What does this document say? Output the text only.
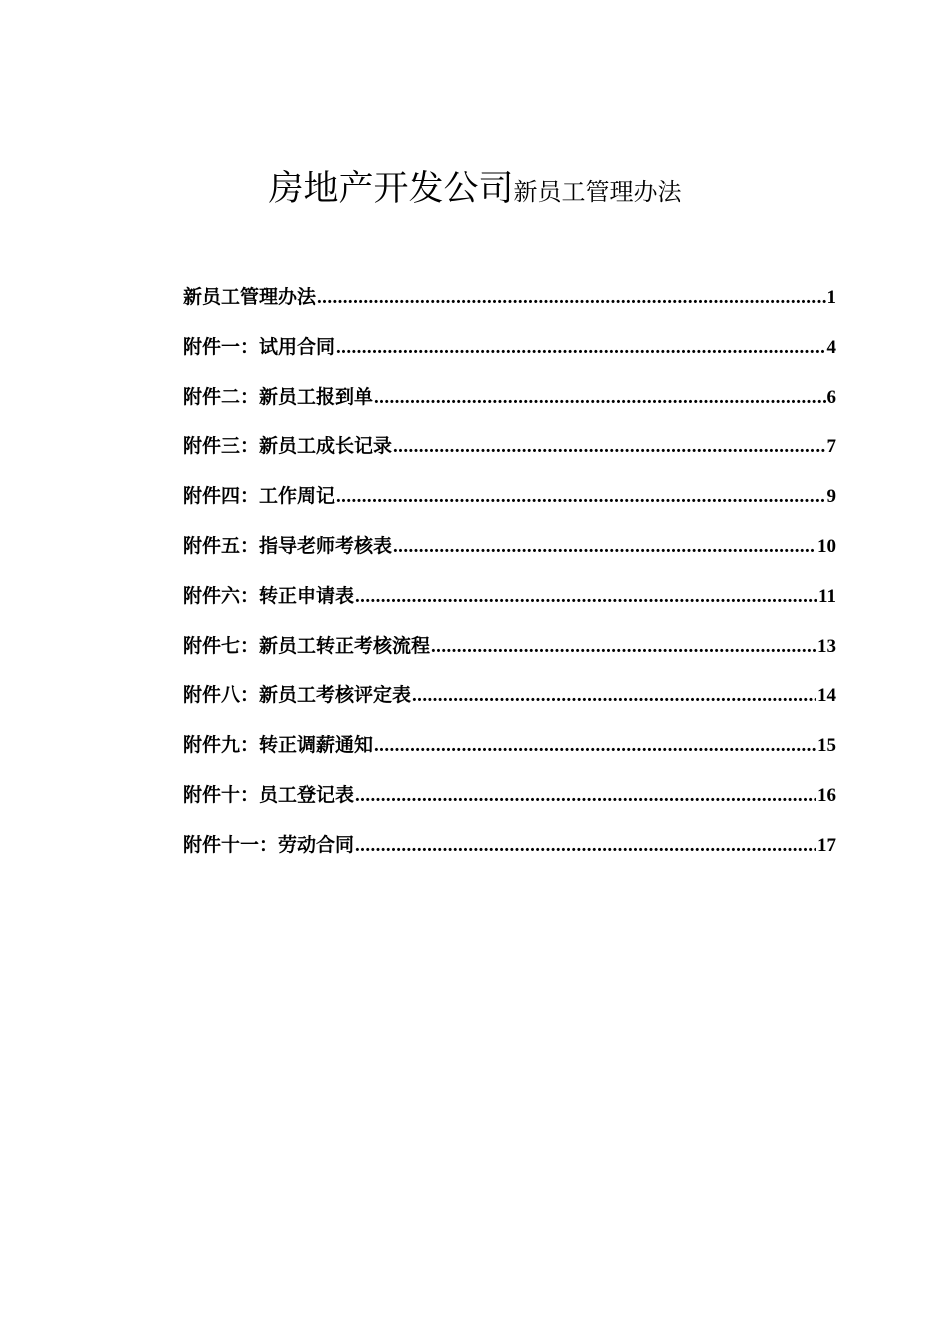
房地产开发公司新员工管理办法
新员工管理办法 .....	1
附件一：试用合同 .....	4
附件二：新员工报到单 .....	6
附件三：新员工成长记录 .....	7
附件四：工作周记 .....	9
附件五：指导老师考核表 .....	10
附件六：转正申请表 .....	11
附件七：新员工转正考核流程 .....	13
附件八：新员工考核评定表 .....	14
附件九：转正调薪通知 .....	15
附件十：员工登记表 .....	16
附件十一：劳动合同 .....	17
